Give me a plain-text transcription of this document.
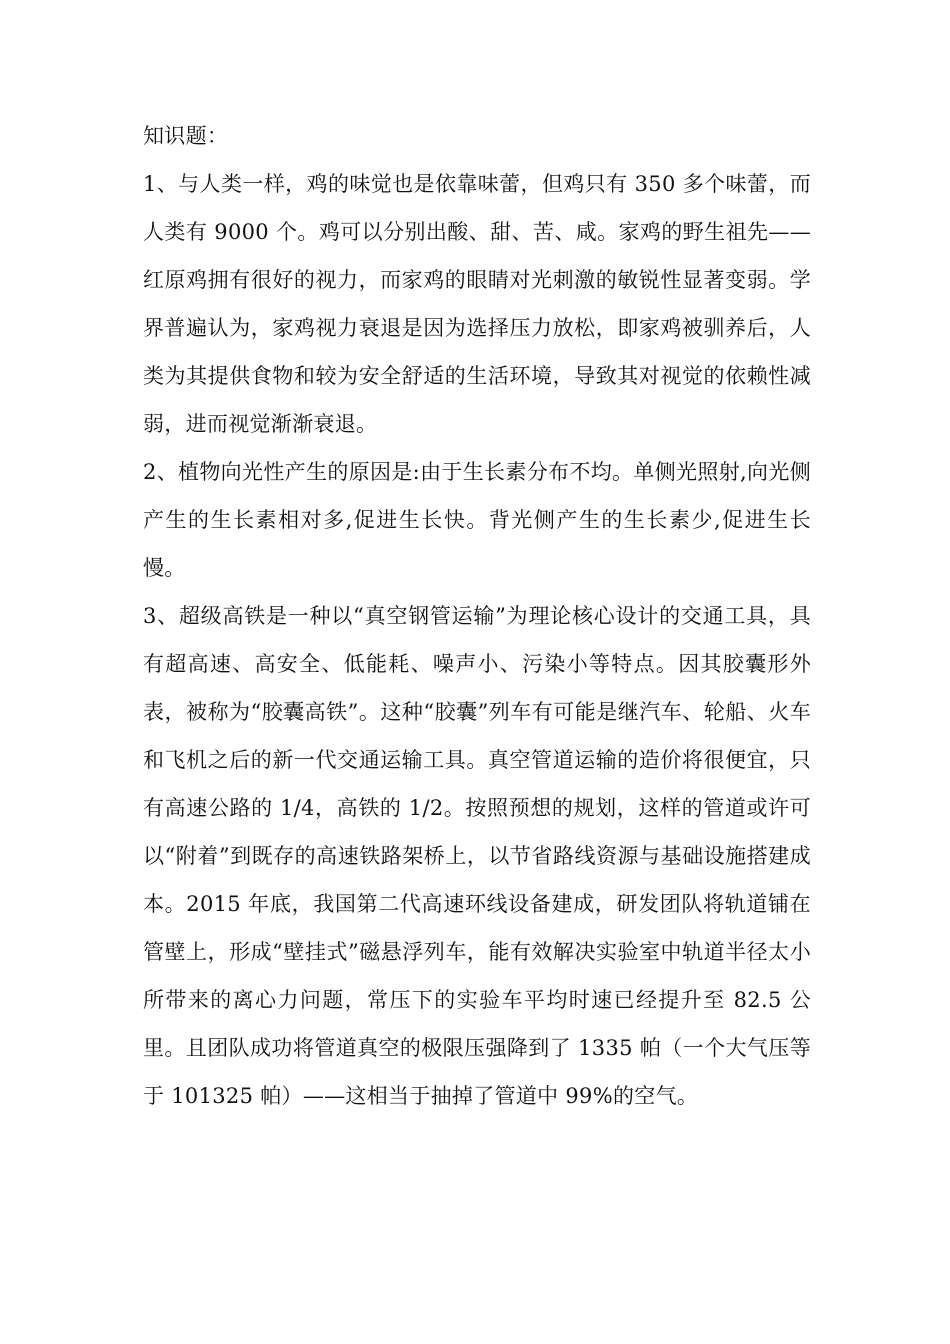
知识题：

1、与人类一样，鸡的味觉也是依靠味蕾，但鸡只有 350 多个味蕾，而人类有 9000 个。鸡可以分别出酸、甜、苦、咸。家鸡的野生祖先——红原鸡拥有很好的视力，而家鸡的眼睛对光刺激的敏锐性显著变弱。学界普遍认为，家鸡视力衰退是因为选择压力放松，即家鸡被驯养后，人类为其提供食物和较为安全舒适的生活环境，导致其对视觉的依赖性减弱，进而视觉渐渐衰退。

2、植物向光性产生的原因是:由于生长素分布不均。单侧光照射,向光侧产生的生长素相对多,促进生长快。背光侧产生的生长素少,促进生长慢。

3、超级高铁是一种以“真空钢管运输”为理论核心设计的交通工具，具有超高速、高安全、低能耗、噪声小、污染小等特点。因其胶囊形外表，被称为“胶囊高铁”。这种“胶囊”列车有可能是继汽车、轮船、火车和飞机之后的新一代交通运输工具。真空管道运输的造价将很便宜，只有高速公路的 1/4，高铁的 1/2。按照预想的规划，这样的管道或许可以“附着”到既存的高速铁路架桥上，以节省路线资源与基础设施搭建成本。2015 年底，我国第二代高速环线设备建成，研发团队将轨道铺在管壁上，形成“壁挂式”磁悬浮列车，能有效解决实验室中轨道半径太小所带来的离心力问题，常压下的实验车平均时速已经提升至 82.5 公里。且团队成功将管道真空的极限压强降到了 1335 帕（一个大气压等于 101325 帕）——这相当于抽掉了管道中 99%的空气。
